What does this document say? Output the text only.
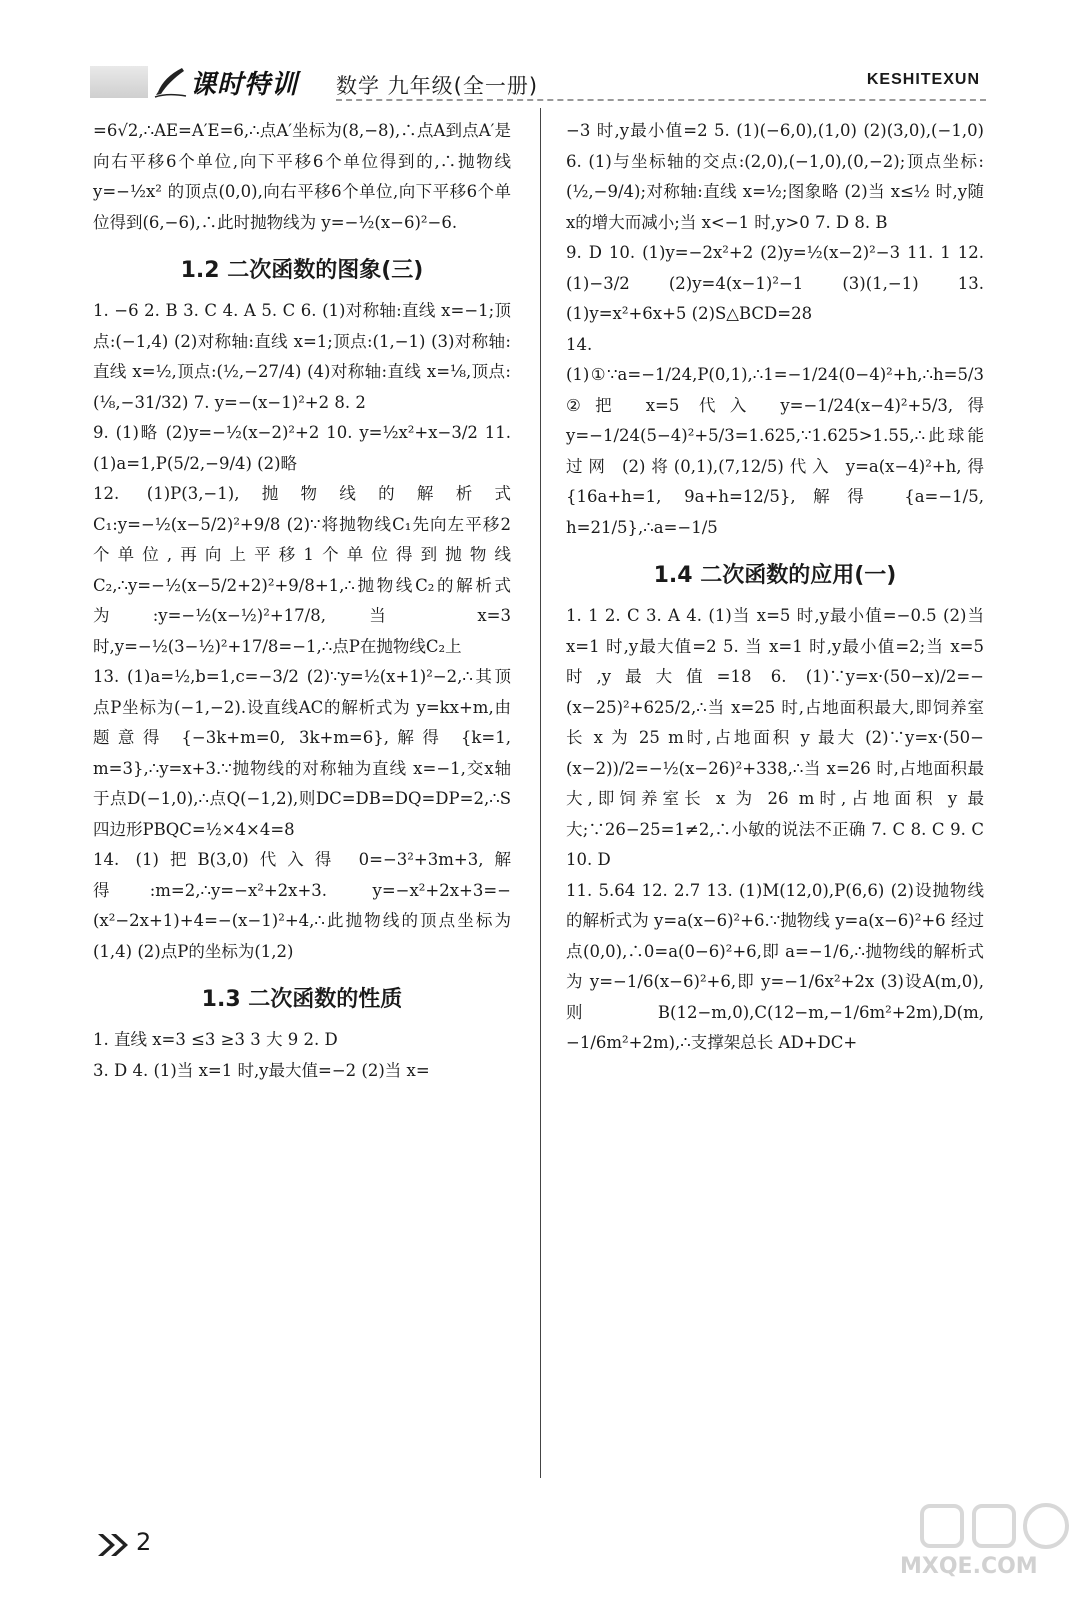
课时特训 数学 九年级(全一册)	KESHITEXUN

=6√2,∴AE=A′E=6,∴点A′坐标为(8,−8),∴点A到点A′是向右平移6个单位,向下平移6个单位得到的,∴抛物线 y=−½x² 的顶点(0,0),向右平移6个单位,向下平移6个单位得到(6,−6),∴此时抛物线为 y=−½(x−6)²−6.

1.2 二次函数的图象(三)

1. −6 2. B 3. C 4. A 5. C 6. (1)对称轴:直线 x=−1;顶点:(−1,4) (2)对称轴:直线 x=1;顶点:(1,−1) (3)对称轴:直线 x=½,顶点:(½,−27/4) (4)对称轴:直线 x=⅛,顶点:(⅛,−31/32) 7. y=−(x−1)²+2 8. 2

9. (1)略 (2)y=−½(x−2)²+2 10. y=½x²+x−3/2 11. (1)a=1,P(5/2,−9/4) (2)略

12. (1)P(3,−1),抛物线的解析式 C₁:y=−½(x−5/2)²+9/8 (2)∵将抛物线C₁先向左平移2个单位,再向上平移1个单位得到抛物线C₂,∴y=−½(x−5/2+2)²+9/8+1,∴抛物线C₂的解析式为:y=−½(x−½)²+17/8,当 x=3 时,y=−½(3−½)²+17/8=−1,∴点P在抛物线C₂上

13. (1)a=½,b=1,c=−3/2 (2)∵y=½(x+1)²−2,∴其顶点P坐标为(−1,−2).设直线AC的解析式为 y=kx+m,由题意得 {−3k+m=0, 3k+m=6},解得 {k=1, m=3},∴y=x+3.∵抛物线的对称轴为直线 x=−1,交x轴于点D(−1,0),∴点Q(−1,2),则DC=DB=DQ=DP=2,∴S四边形PBQC=½×4×4=8

14. (1)把B(3,0)代入得 0=−3²+3m+3,解得:m=2,∴y=−x²+2x+3. y=−x²+2x+3=−(x²−2x+1)+4=−(x−1)²+4,∴此抛物线的顶点坐标为(1,4) (2)点P的坐标为(1,2)

1.3 二次函数的性质

1. 直线 x=3 ≤3 ≥3 3 大 9 2. D

3. D 4. (1)当 x=1 时,y最大值=−2 (2)当 x=

−3 时,y最小值=2 5. (1)(−6,0),(1,0) (2)(3,0),(−1,0) 6. (1)与坐标轴的交点:(2,0),(−1,0),(0,−2);顶点坐标:(½,−9/4);对称轴:直线 x=½;图象略 (2)当 x≤½ 时,y随x的增大而减小;当 x<−1 时,y>0 7. D 8. B

9. D 10. (1)y=−2x²+2 (2)y=½(x−2)²−3 11. 1 12. (1)−3/2 (2)y=4(x−1)²−1 (3)(1,−1) 13. (1)y=x²+6x+5 (2)S△BCD=28

14. (1)①∵a=−1/24,P(0,1),∴1=−1/24(0−4)²+h,∴h=5/3 ②把 x=5 代入 y=−1/24(x−4)²+5/3,得 y=−1/24(5−4)²+5/3=1.625,∵1.625>1.55,∴此球能过网 (2)将(0,1),(7,12/5)代入 y=a(x−4)²+h,得 {16a+h=1, 9a+h=12/5},解得 {a=−1/5, h=21/5},∴a=−1/5

1.4 二次函数的应用(一)

1. 1 2. C 3. A 4. (1)当 x=5 时,y最小值=−0.5 (2)当 x=1 时,y最大值=2 5. 当 x=1 时,y最小值=2;当 x=5 时,y最大值=18 6. (1)∵y=x·(50−x)/2=−(x−25)²+625/2,∴当 x=25 时,占地面积最大,即饲养室长 x 为 25 m时,占地面积 y 最大 (2)∵y=x·(50−(x−2))/2=−½(x−26)²+338,∴当 x=26 时,占地面积最大,即饲养室长 x 为 26 m时,占地面积 y 最大;∵26−25=1≠2,∴小敏的说法不正确 7. C 8. C 9. C 10. D

11. 5.64 12. 2.7 13. (1)M(12,0),P(6,6) (2)设抛物线的解析式为 y=a(x−6)²+6.∵抛物线 y=a(x−6)²+6 经过点(0,0),∴0=a(0−6)²+6,即 a=−1/6,∴抛物线的解析式为 y=−1/6(x−6)²+6,即 y=−1/6x²+2x (3)设A(m,0),则 B(12−m,0),C(12−m,−1/6m²+2m),D(m,−1/6m²+2m),∴支撑架总长 AD+DC+

2
MXQE.COM
